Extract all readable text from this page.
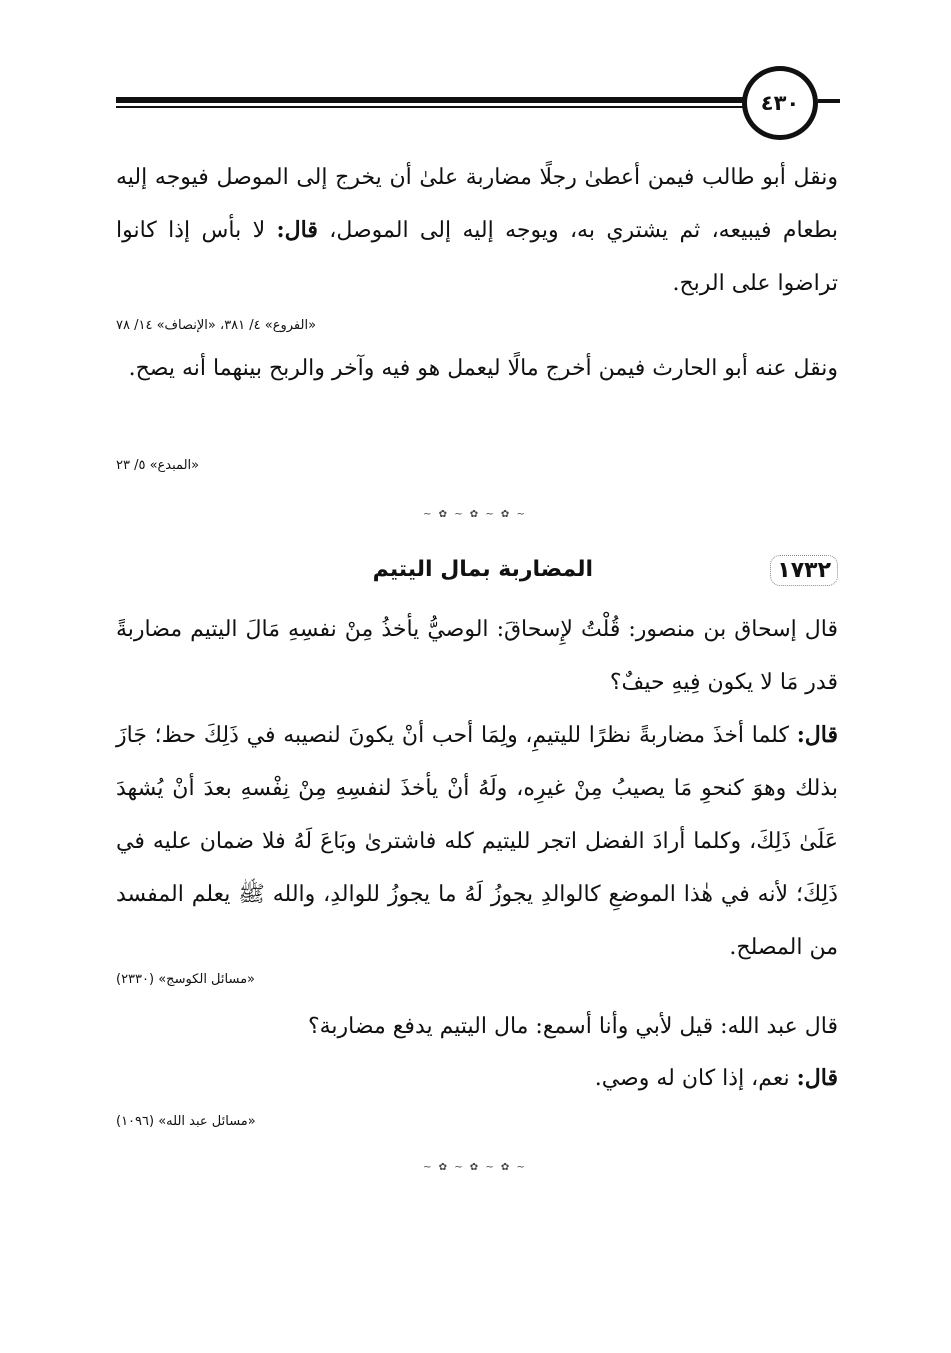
٤٣٠

ونقل أبو طالب فيمن أعطىٰ رجلًا مضاربة علىٰ أن يخرج إلى الموصل فيوجه إليه بطعام فيبيعه، ثم يشتري به، ويوجه إليه إلى الموصل، قال: لا بأس إذا كانوا تراضوا على الربح.

«الفروع» ٤/ ٣٨١، «الإنصاف» ١٤/ ٧٨

ونقل عنه أبو الحارث فيمن أخرج مالًا ليعمل هو فيه وآخر والربح بينهما أنه يصح.

«المبدع» ٥/ ٢٣
~ ✿ ~ ✿ ~ ✿ ~
١٧٣٢
المضاربة بمال اليتيم

قال إسحاق بن منصور: قُلْتُ لإِسحاقَ: الوصيُّ يأخذُ مِنْ نفسِهِ مَالَ اليتيم مضاربةً قدر مَا لا يكون فِيهِ حيفٌ؟

قال: كلما أخذَ مضاربةً نظرًا لليتيمِ، ولِمَا أحب أنْ يكونَ لنصيبه في ذَلِكَ حظ؛ جَازَ بذلك وهوَ كنحوِ مَا يصيبُ مِنْ غيرِه، ولَهُ أنْ يأخذَ لنفسِهِ مِنْ نِفْسهِ بعدَ أنْ يُشهدَ عَلَىٰ ذَلِكَ، وكلما أرادَ الفضل اتجر لليتيم كله فاشترىٰ وبَاعَ لَهُ فلا ضمان عليه في ذَلِكَ؛ لأنه في هٰذا الموضعِ كالوالدِ يجوزُ لَهُ ما يجوزُ للوالدِ، والله ﷺ يعلم المفسد من المصلح.

«مسائل الكوسج» (٢٣٣٠)

قال عبد الله: قيل لأبي وأنا أسمع: مال اليتيم يدفع مضاربة؟

قال: نعم، إذا كان له وصي.

«مسائل عبد الله» (١٠٩٦)
~ ✿ ~ ✿ ~ ✿ ~
